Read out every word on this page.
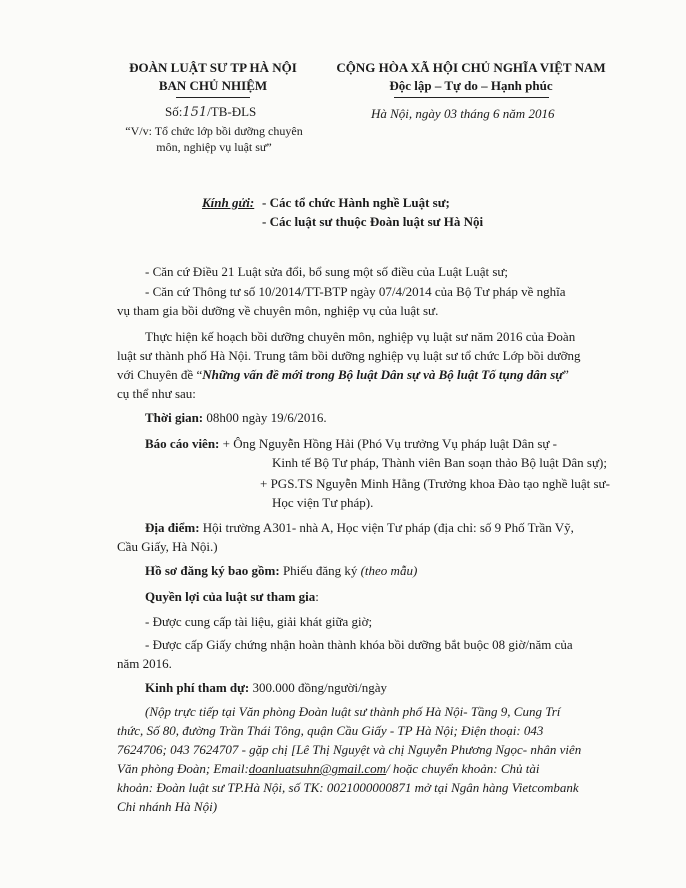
ĐOÀN LUẬT SƯ TP HÀ NỘI
BAN CHỦ NHIỆM
Số:151/TB-ĐLS
“V/v: Tổ chức lớp bồi dưỡng chuyên
môn, nghiệp vụ luật sư”
CỘNG HÒA XÃ HỘI CHỦ NGHĨA VIỆT NAM
Độc lập – Tự do – Hạnh phúc
Hà Nội, ngày 03 tháng 6 năm 2016
Kính gửi: - Các tổ chức Hành nghề Luật sư;
- Các luật sư thuộc Đoàn luật sư Hà Nội
- Căn cứ Điều 21 Luật sửa đổi, bổ sung một số điều của Luật Luật sư;
- Căn cứ Thông tư số 10/2014/TT-BTP ngày 07/4/2014 của Bộ Tư pháp về nghĩa
vụ tham gia bồi dưỡng về chuyên môn, nghiệp vụ của luật sư.
Thực hiện kế hoạch bồi dưỡng chuyên môn, nghiệp vụ luật sư năm 2016 của Đoàn
luật sư thành phố Hà Nội. Trung tâm bồi dưỡng nghiệp vụ luật sư tổ chức Lớp bồi dưỡng
với Chuyên đề “Những vấn đề mới trong Bộ luật Dân sự và Bộ luật Tố tụng dân sự”
cụ thể như sau:
Thời gian: 08h00 ngày 19/6/2016.
Báo cáo viên: + Ông Nguyễn Hồng Hải (Phó Vụ trưởng Vụ pháp luật Dân sự -
Kinh tế Bộ Tư pháp, Thành viên Ban soạn thảo Bộ luật Dân sự);
+ PGS.TS Nguyễn Minh Hằng (Trưởng khoa Đào tạo nghề luật sư-
Học viện Tư pháp).
Địa điểm: Hội trường A301- nhà A, Học viện Tư pháp (địa chỉ: số 9 Phố Trần Vỹ,
Cầu Giấy, Hà Nội.)
Hồ sơ đăng ký bao gồm: Phiếu đăng ký (theo mẫu)
Quyền lợi của luật sư tham gia:
- Được cung cấp tài liệu, giải khát giữa giờ;
- Được cấp Giấy chứng nhận hoàn thành khóa bồi dưỡng bắt buộc 08 giờ/năm của
năm 2016.
Kinh phí tham dự: 300.000 đồng/người/ngày
(Nộp trực tiếp tại Văn phòng Đoàn luật sư thành phố Hà Nội- Tầng 9, Cung Trí
thức, Số 80, đường Trần Thái Tông, quận Cầu Giấy - TP Hà Nội; Điện thoại: 043
7624706; 043 7624707 - gặp chị [Lê Thị Nguyệt và chị Nguyễn Phương Ngọc- nhân viên
Văn phòng Đoàn; Email:doanluatsuhn@gmail.com/ hoặc chuyển khoản: Chủ tài
khoản: Đoàn luật sư TP.Hà Nội, số TK: 0021000000871 mở tại Ngân hàng Vietcombank
Chi nhánh Hà Nội)
